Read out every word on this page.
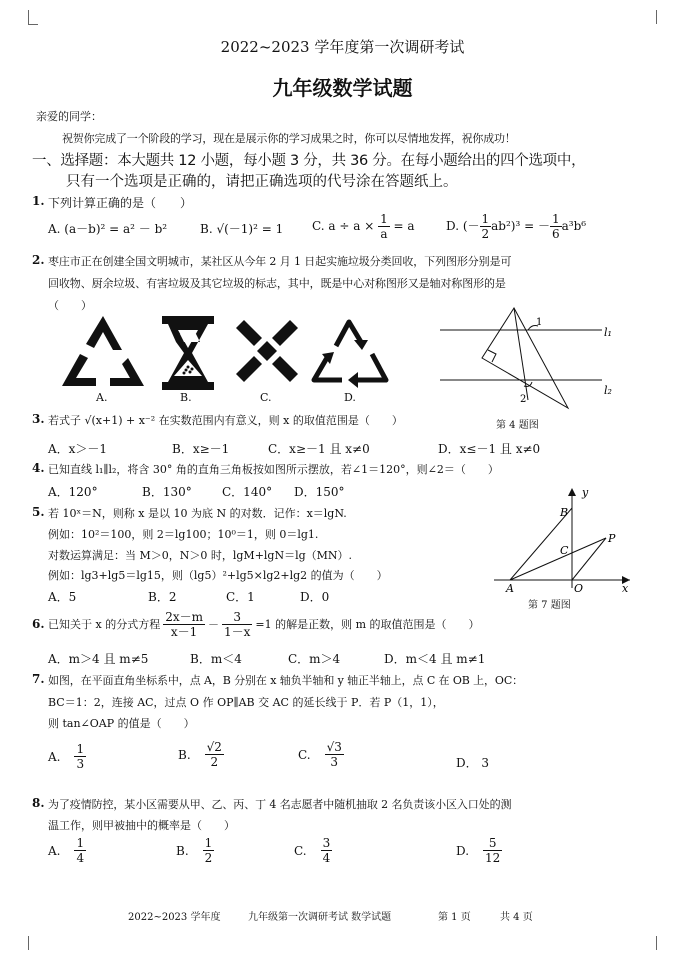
2022~2023 学年度第一次调研考试
九年级数学试题
亲爱的同学：
祝贺你完成了一个阶段的学习，现在是展示你的学习成果之时，你可以尽情地发挥，祝你成功！
一、选择题：本大题共 12 小题，每小题 3 分，共 36 分。在每小题给出的四个选项中，
只有一个选项是正确的，请把正确选项的代号涂在答题纸上。
1. 下列计算正确的是（　　）
A. (a－b)² = a² － b²	B. √(－1)² = 1 C. $a \div a \times \frac{1}{a} = a$	D. (－ $\frac{1}{2} ab^2)^3$ = － $\frac{1}{6} a^3b^6$
2. 枣庄市正在创建全国文明城市，某社区从今年 2 月 1 日起实施垃圾分类回收，下列图形分别是可
回收物、厨余垃圾、有害垃圾及其它垃圾的标志，其中，既是中心对称图形又是轴对称图形的是
（　　）
A.	B.	C.	D.
1
2
l₁
l₂
第 4 题图
3. 若式子 √(x+1) + x⁻² 在实数范围内有意义，则 x 的取值范围是（　　）
A．x＞－1	B．x≥－1	C．x≥－1 且 x≠0	D．x≤－1 且 x≠0
4. 已知直线 l₁∥l₂，将含 30° 角的直角三角板按如图所示摆放，若∠1＝120°，则∠2＝（　　）
A．120°	B．130°	C．140° D．150°
5. 若 10ˣ＝N，则称 x 是以 10 为底 N 的对数．记作：x＝lgN.
例如：10²＝100，则 2＝lg100；10⁰＝1，则 0＝lg1.
对数运算满足：当 M＞0，N＞0 时，lgM+lgN＝lg（MN）.
例如：lg3+lg5＝lg15，则（lg5）²+lg5×lg2+lg2 的值为（　　）
A．5	B．2	C．1	D．0
y
x
B
C
P
A	O
第 7 题图
6. 已知关于 x 的分式方程 $\frac{2x-m}{x-1} - \frac{3}{1-x} =1$ 的解是正数，则 m 的取值范围是（　　）
A．m＞4 且 m≠5	B．m＜4	C．m＞4	D．m＜4 且 m≠1
7. 如图，在平面直角坐标系中，点 A，B 分别在 x 轴负半轴和 y 轴正半轴上，点 C 在 OB 上，OC：
BC＝1：2，连接 AC，过点 O 作 OP∥AB 交 AC 的延长线于 P．若 P（1，1），
则 tan∠OAP 的值是（　　）
A. $\frac{1}{3}$	B. $\frac{√2}{2}$	C. $\frac{√3}{3}$	D． 3
8. 为了疫情防控，某小区需要从甲、乙、丙、丁 4 名志愿者中随机抽取 2 名负责该小区入口处的测
温工作，则甲被抽中的概率是（　　）
A. $\frac{1}{4}$	B. $\frac{1}{2}$	C. $\frac{3}{4}$	D. $\frac{5}{12}$
2022~2023 学年度	九年级第一次调研考试 数学试题	第 1 页	共 4 页
